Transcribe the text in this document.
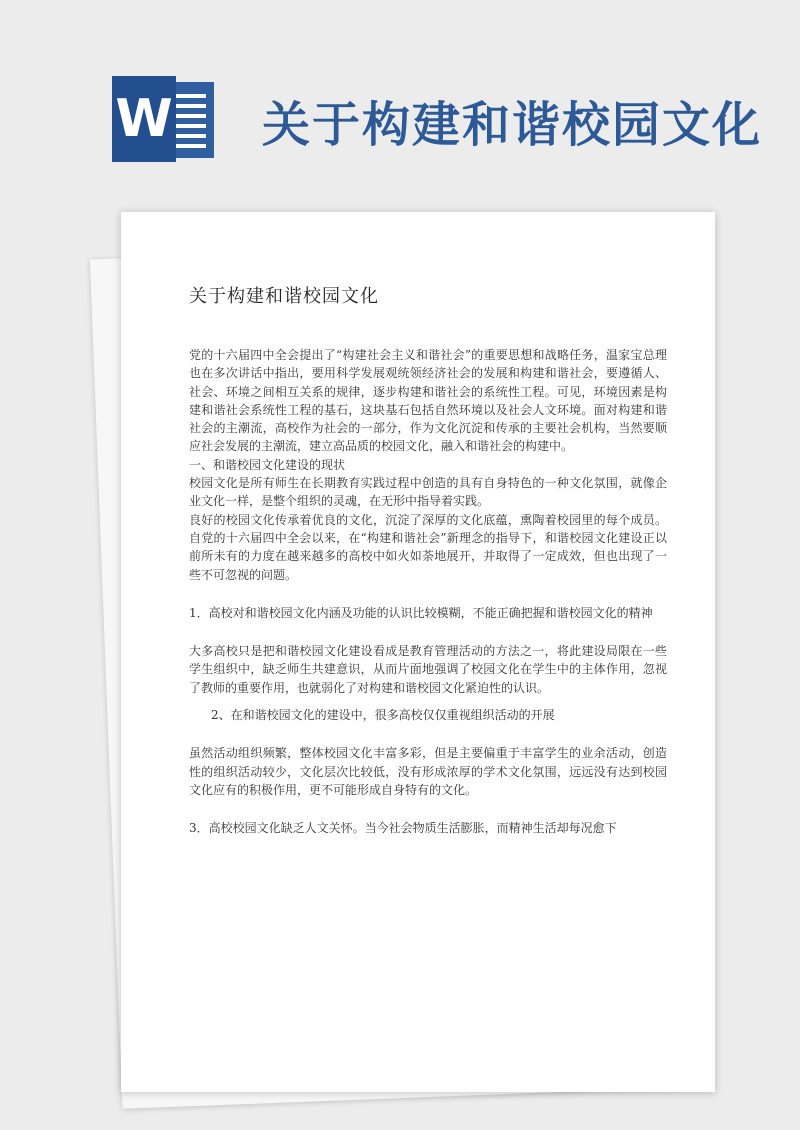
W 关于构建和谐校园文化
关于构建和谐校园文化

党的十六届四中全会提出了“构建社会主义和谐社会”的重要思想和战略任务，温家宝总理也在多次讲话中指出，要用科学发展观统领经济社会的发展和构建和谐社会，要遵循人、社会、环境之间相互关系的规律，逐步构建和谐社会的系统性工程。可见，环境因素是构建和谐社会系统性工程的基石，这块基石包括自然环境以及社会人文环境。面对构建和谐社会的主潮流，高校作为社会的一部分，作为文化沉淀和传承的主要社会机构，当然要顺应社会发展的主潮流，建立高品质的校园文化，融入和谐社会的构建中。

一、和谐校园文化建设的现状

校园文化是所有师生在长期教育实践过程中创造的具有自身特色的一种文化氛围，就像企业文化一样，是整个组织的灵魂，在无形中指导着实践。

良好的校园文化传承着优良的文化，沉淀了深厚的文化底蕴，熏陶着校园里的每个成员。自党的十六届四中全会以来，在“构建和谐社会”新理念的指导下，和谐校园文化建设正以前所未有的力度在越来越多的高校中如火如荼地展开，并取得了一定成效，但也出现了一些不可忽视的问题。

1．高校对和谐校园文化内涵及功能的认识比较模糊，不能正确把握和谐校园文化的精神

大多高校只是把和谐校园文化建设看成是教育管理活动的方法之一，将此建设局限在一些学生组织中，缺乏师生共建意识，从而片面地强调了校园文化在学生中的主体作用，忽视了教师的重要作用，也就弱化了对构建和谐校园文化紧迫性的认识。

2、在和谐校园文化的建设中，很多高校仅仅重视组织活动的开展

虽然活动组织频繁，整体校园文化丰富多彩，但是主要偏重于丰富学生的业余活动，创造性的组织活动较少，文化层次比较低，没有形成浓厚的学术文化氛围，远远没有达到校园文化应有的积极作用，更不可能形成自身特有的文化。

3．高校校园文化缺乏人文关怀。当今社会物质生活膨胀，而精神生活却每况愈下
